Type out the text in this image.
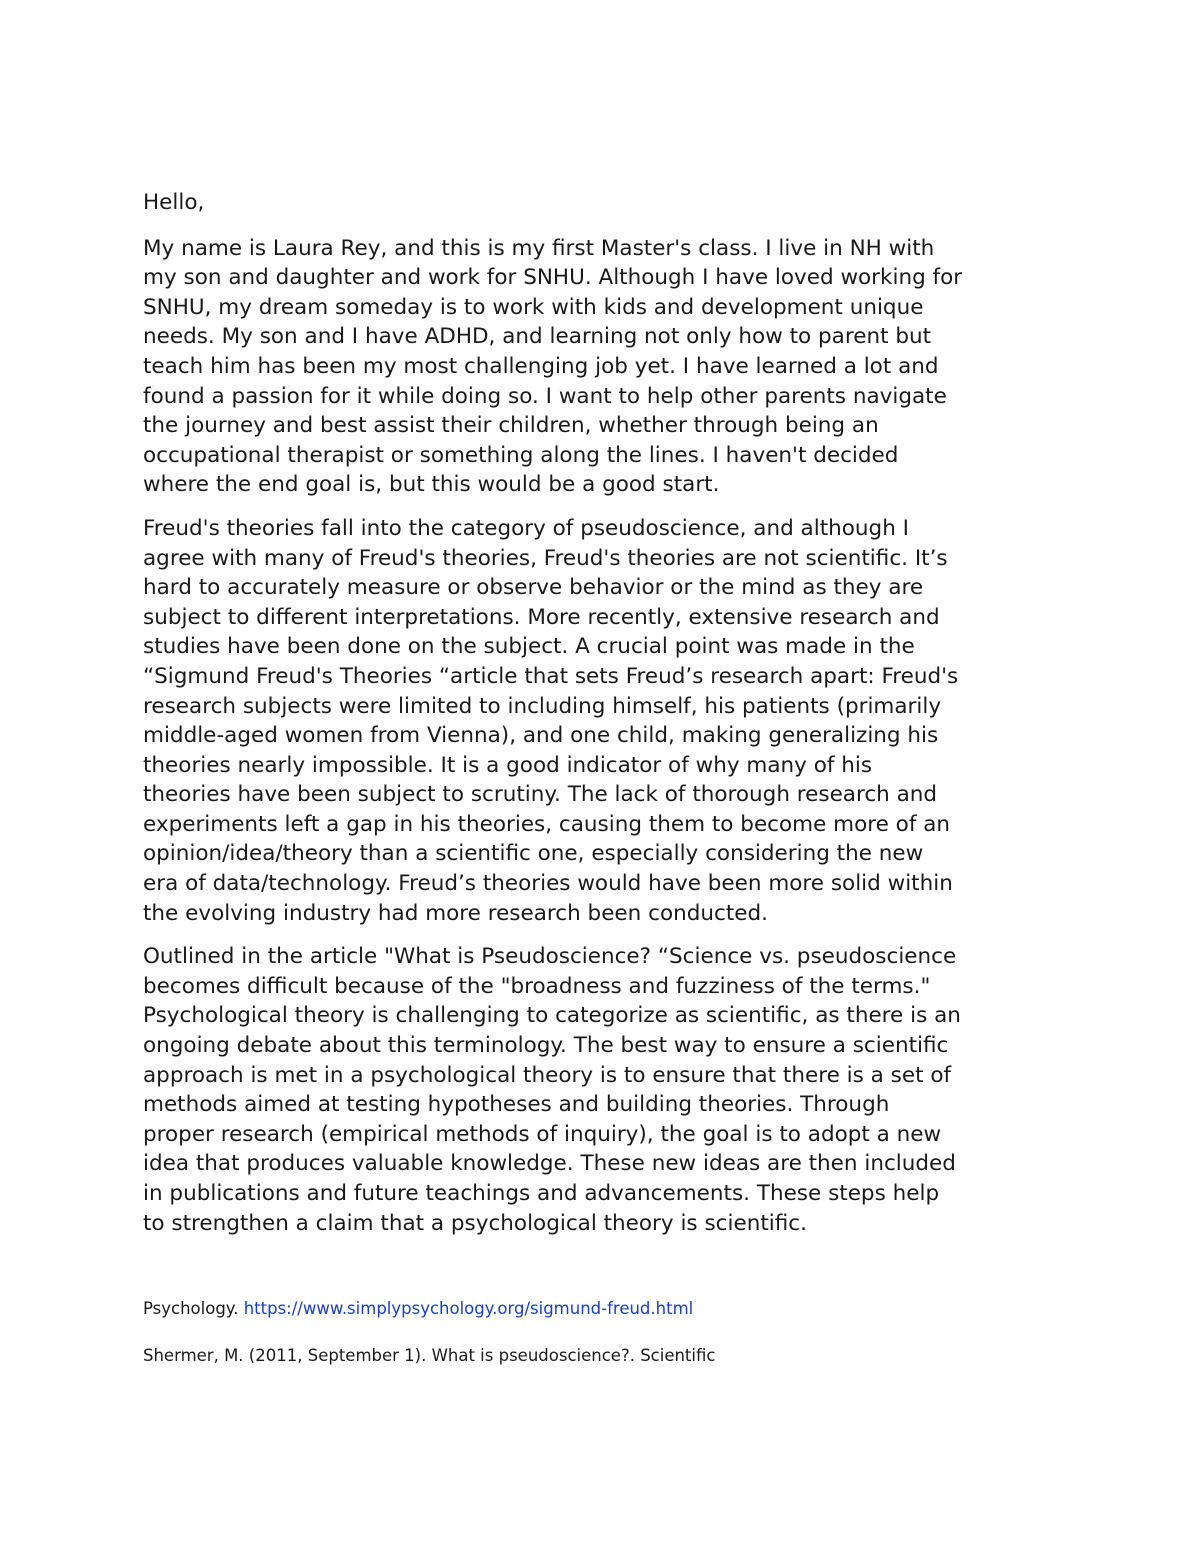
Hello,

My name is Laura Rey, and this is my first Master's class. I live in NH with
my son and daughter and work for SNHU. Although I have loved working for
SNHU, my dream someday is to work with kids and development unique
needs. My son and I have ADHD, and learning not only how to parent but
teach him has been my most challenging job yet. I have learned a lot and
found a passion for it while doing so. I want to help other parents navigate
the journey and best assist their children, whether through being an
occupational therapist or something along the lines. I haven't decided
where the end goal is, but this would be a good start.

Freud's theories fall into the category of pseudoscience, and although I
agree with many of Freud's theories, Freud's theories are not scientific. It’s
hard to accurately measure or observe behavior or the mind as they are
subject to different interpretations. More recently, extensive research and
studies have been done on the subject. A crucial point was made in the
“Sigmund Freud's Theories “article that sets Freud’s research apart: Freud's
research subjects were limited to including himself, his patients (primarily
middle-aged women from Vienna), and one child, making generalizing his
theories nearly impossible. It is a good indicator of why many of his
theories have been subject to scrutiny. The lack of thorough research and
experiments left a gap in his theories, causing them to become more of an
opinion/idea/theory than a scientific one, especially considering the new
era of data/technology. Freud’s theories would have been more solid within
the evolving industry had more research been conducted.

Outlined in the article "What is Pseudoscience? “Science vs. pseudoscience
becomes difficult because of the "broadness and fuzziness of the terms."
Psychological theory is challenging to categorize as scientific, as there is an
ongoing debate about this terminology. The best way to ensure a scientific
approach is met in a psychological theory is to ensure that there is a set of
methods aimed at testing hypotheses and building theories. Through
proper research (empirical methods of inquiry), the goal is to adopt a new
idea that produces valuable knowledge. These new ideas are then included
in publications and future teachings and advancements. These steps help
to strengthen a claim that a psychological theory is scientific.

Psychology. https://www.simplypsychology.org/sigmund-freud.html

Shermer, M. (2011, September 1). What is pseudoscience?. Scientific
